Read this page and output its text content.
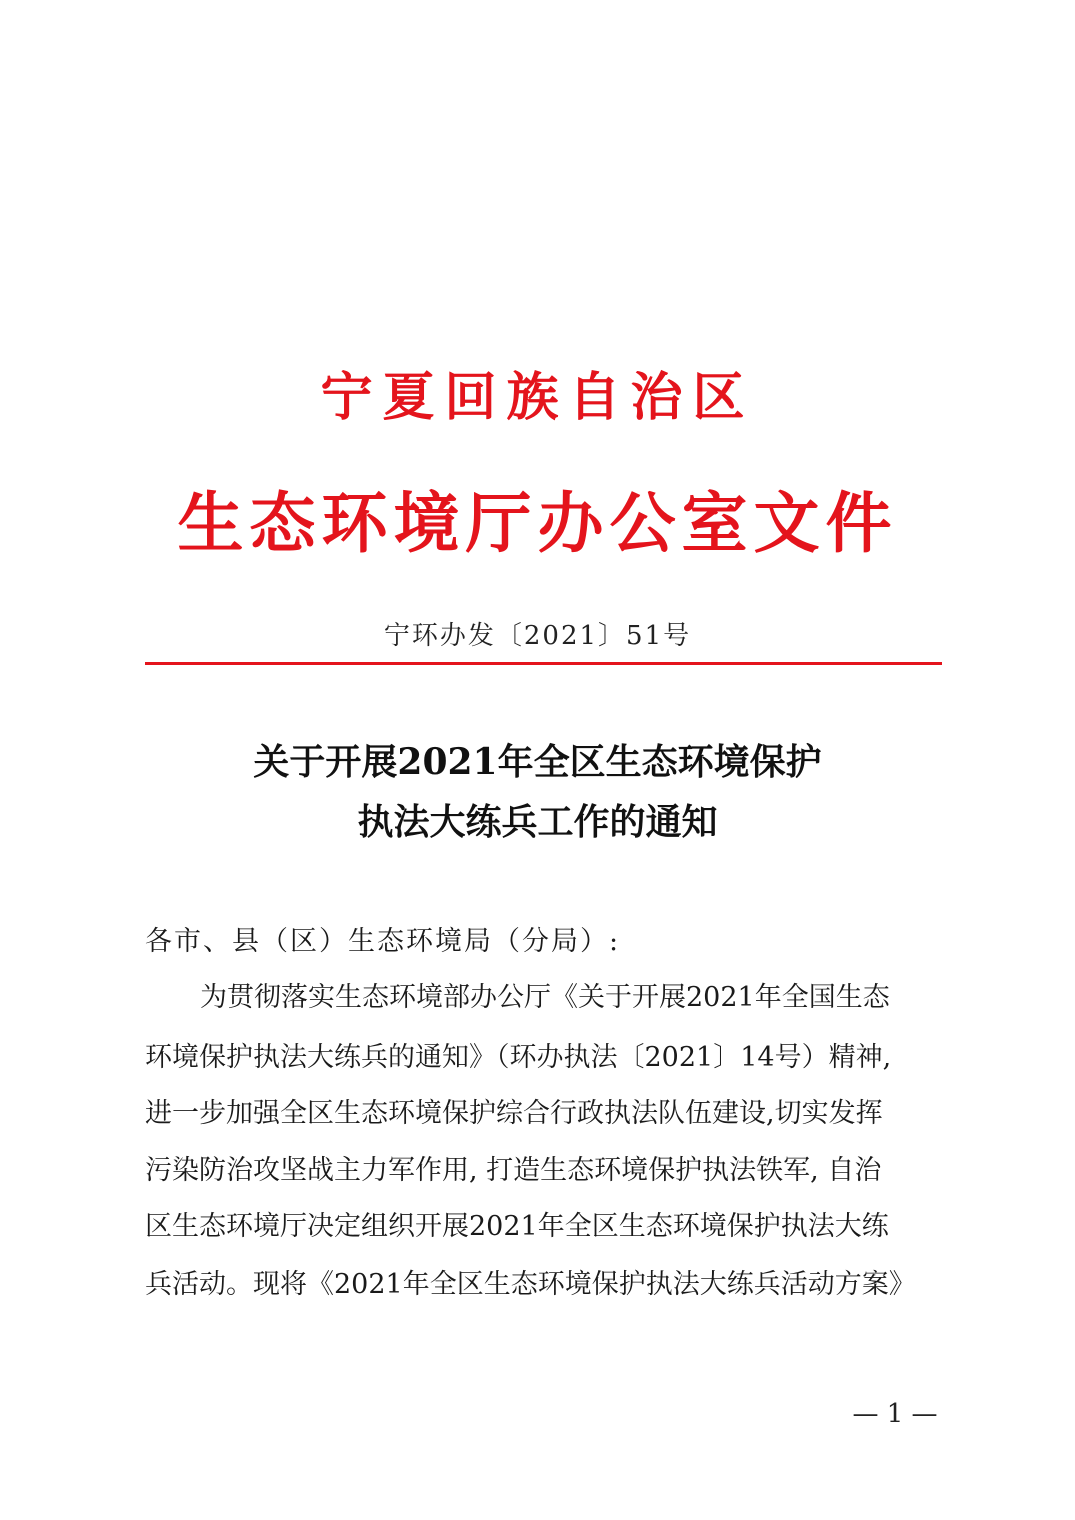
宁夏回族自治区
生态环境厅办公室文件
宁环办发〔2021〕51号
关于开展2021年全区生态环境保护
执法大练兵工作的通知
各市、县（区）生态环境局（分局）:
为贯彻落实生态环境部办公厅《关于开展2021年全国生态
环境保护执法大练兵的通知》（环办执法〔2021〕14号）精神,
进一步加强全区生态环境保护综合行政执法队伍建设,切实发挥
污染防治攻坚战主力军作用, 打造生态环境保护执法铁军, 自治
区生态环境厅决定组织开展2021年全区生态环境保护执法大练
兵活动。现将《2021年全区生态环境保护执法大练兵活动方案》
— 1 —
